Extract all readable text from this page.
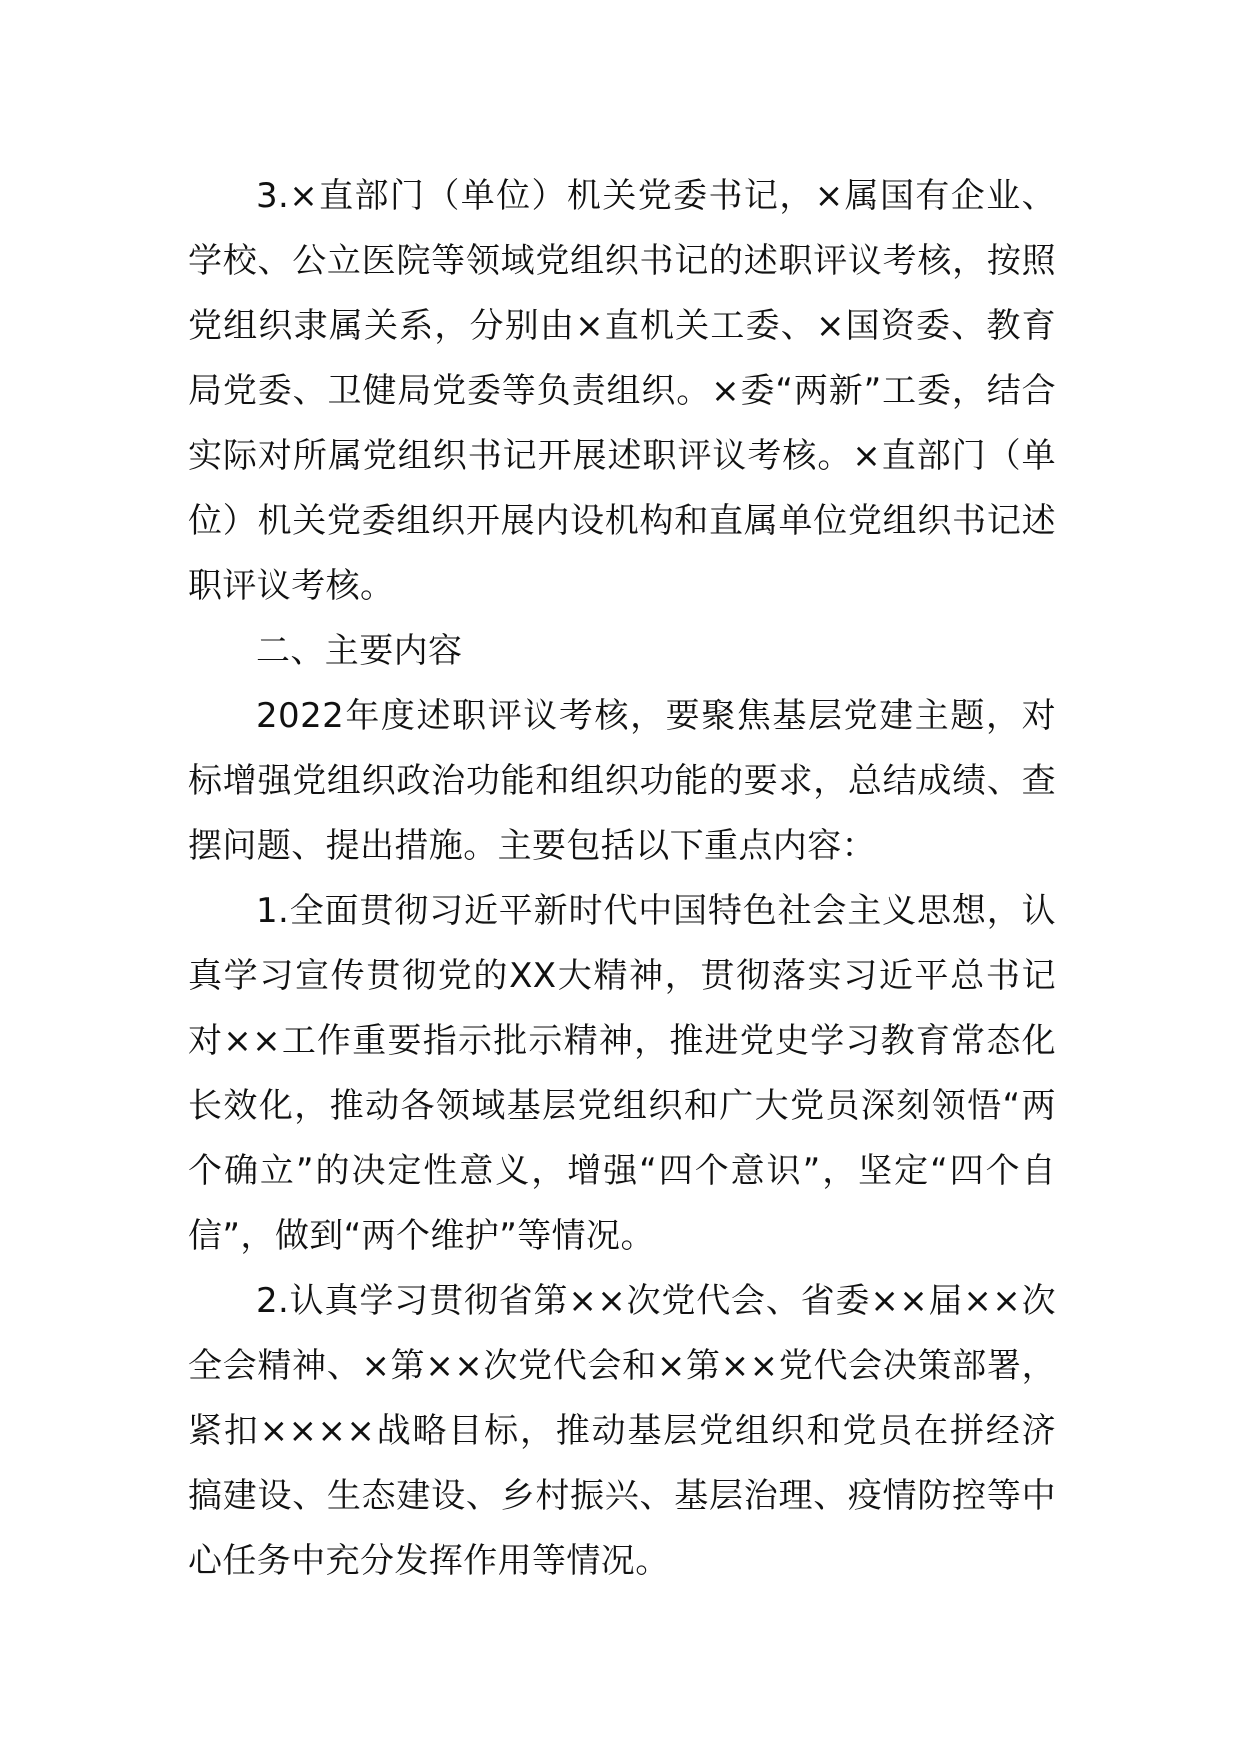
3.×直部门（单位）机关党委书记，×属国有企业、学校、公立医院等领域党组织书记的述职评议考核，按照党组织隶属关系，分别由×直机关工委、×国资委、教育局党委、卫健局党委等负责组织。×委“两新”工委，结合实际对所属党组织书记开展述职评议考核。×直部门（单位）机关党委组织开展内设机构和直属单位党组织书记述职评议考核。

二、主要内容

2022年度述职评议考核，要聚焦基层党建主题，对标增强党组织政治功能和组织功能的要求，总结成绩、查摆问题、提出措施。主要包括以下重点内容：

1.全面贯彻习近平新时代中国特色社会主义思想，认真学习宣传贯彻党的XX大精神，贯彻落实习近平总书记对××工作重要指示批示精神，推进党史学习教育常态化长效化，推动各领域基层党组织和广大党员深刻领悟“两个确立”的决定性意义，增强“四个意识”，坚定“四个自信”，做到“两个维护”等情况。

2.认真学习贯彻省第××次党代会、省委××届××次全会精神、×第××次党代会和×第××党代会决策部署，紧扣××××战略目标，推动基层党组织和党员在拼经济搞建设、生态建设、乡村振兴、基层治理、疫情防控等中心任务中充分发挥作用等情况。
